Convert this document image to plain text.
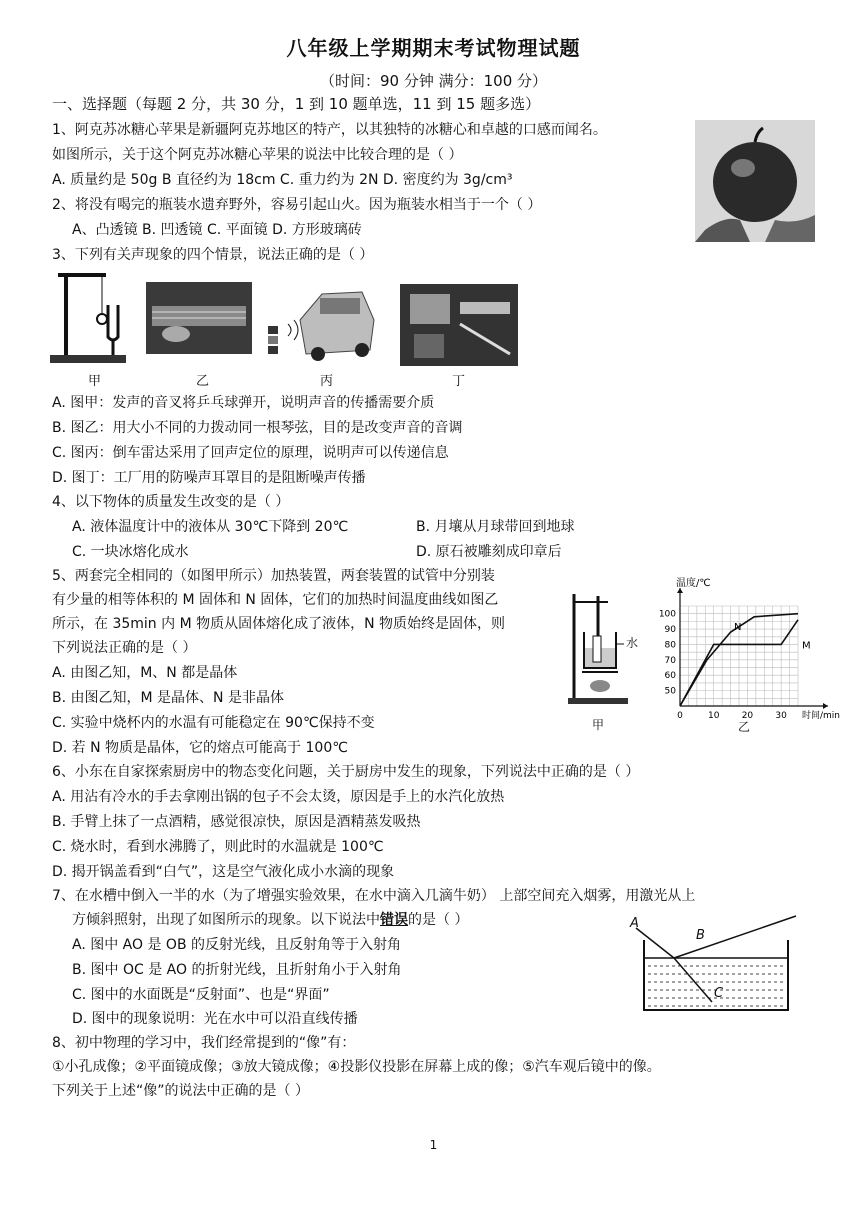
八年级上学期期末考试物理试题
（时间：90 分钟 满分：100 分）
一、选择题（每题 2 分，共 30 分，1 到 10 题单选，11 到 15 题多选）
1、阿克苏冰糖心苹果是新疆阿克苏地区的特产，以其独特的冰糖心和卓越的口感而闻名。
如图所示，关于这个阿克苏冰糖心苹果的说法中比较合理的是（ ）
A. 质量约是 50g B 直径约为 18cm C. 重力约为 2N D. 密度约为 3g/cm³
2、将没有喝完的瓶装水遗弃野外，容易引起山火。因为瓶装水相当于一个（ ）
A、凸透镜 B. 凹透镜 C. 平面镜 D. 方形玻璃砖
3、下列有关声现象的四个情景，说法正确的是（ ）
甲	乙	丙	丁
A. 图甲：发声的音叉将乒乓球弹开，说明声音的传播需要介质
B. 图乙：用大小不同的力拨动同一根琴弦，目的是改变声音的音调
C. 图丙：倒车雷达采用了回声定位的原理，说明声可以传递信息
D. 图丁：工厂用的防噪声耳罩目的是阻断噪声传播
4、以下物体的质量发生改变的是（ ）
A. 液体温度计中的液体从 30℃下降到 20℃	B. 月壤从月球带回到地球
C. 一块冰熔化成水	D. 原石被雕刻成印章后
5、两套完全相同的（如图甲所示）加热装置，两套装置的试管中分别装
有少量的相等体积的 M 固体和 N 固体，它们的加热时间温度曲线如图乙
所示，在 35min 内 M 物质从固体熔化成了液体，N 物质始终是固体，则
下列说法正确的是（ ）
A. 由图乙知，M、N 都是晶体
B. 由图乙知，M 是晶体、N 是非晶体
C. 实验中烧杯内的水温有可能稳定在 90℃保持不变
D. 若 N 物质是晶体，它的熔点可能高于 100℃
水
甲
50
60
70
80
90
100
0	10 20 30
N
M
温度/℃
时间/min
乙
6、小东在自家探索厨房中的物态变化问题，关于厨房中发生的现象，下列说法中正确的是（ ）
A. 用沾有冷水的手去拿刚出锅的包子不会太烫，原因是手上的水汽化放热
B. 手臂上抹了一点酒精，感觉很凉快，原因是酒精蒸发吸热
C. 烧水时，看到水沸腾了，则此时的水温就是 100℃
D. 揭开锅盖看到“白气”，这是空气液化成小水滴的现象
7、在水槽中倒入一半的水（为了增强实验效果，在水中滴入几滴牛奶） 上部空间充入烟雾，用激光从上
方倾斜照射，出现了如图所示的现象。以下说法中错误的是（ ）
A. 图中 AO 是 OB 的反射光线，且反射角等于入射角
B. 图中 OC 是 AO 的折射光线，且折射角小于入射角
C. 图中的水面既是“反射面”、也是“界面”
D. 图中的现象说明：光在水中可以沿直线传播
A
B
C
8、初中物理的学习中，我们经常提到的“像”有：
①小孔成像；②平面镜成像；③放大镜成像；④投影仪投影在屏幕上成的像；⑤汽车观后镜中的像。
下列关于上述“像”的说法中正确的是（ ）
1
